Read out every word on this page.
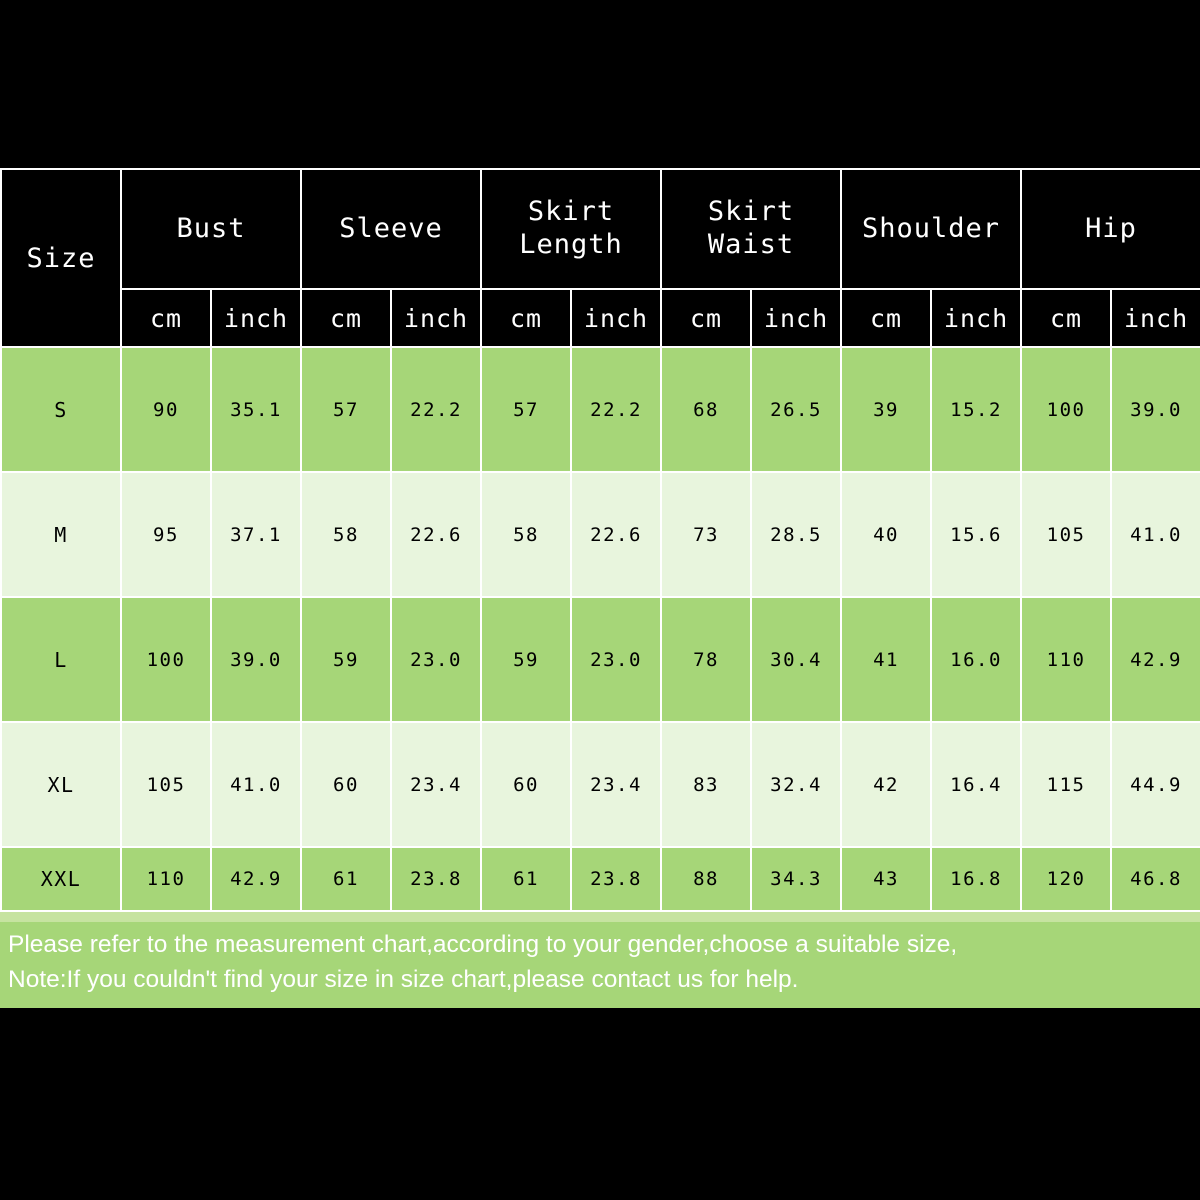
Size	Bust		Sleeve		Skirt Length		Skirt Waist		Shoulder		Hip	
	cm	inch	cm	inch	cm	inch	cm	inch	cm	inch	cm	inch
S	90	35.1	57	22.2	57	22.2	68	26.5	39	15.2	100	39.0
M	95	37.1	58	22.6	58	22.6	73	28.5	40	15.6	105	41.0
L	100	39.0	59	23.0	59	23.0	78	30.4	41	16.0	110	42.9
XL	105	41.0	60	23.4	60	23.4	83	32.4	42	16.4	115	44.9
XXL	110	42.9	61	23.8	61	23.8	88	34.3	43	16.8	120	46.8
Please refer to the measurement chart,according to your gender,choose a suitable size,
Note:If you couldn't find your size in size chart,please contact us for help.
